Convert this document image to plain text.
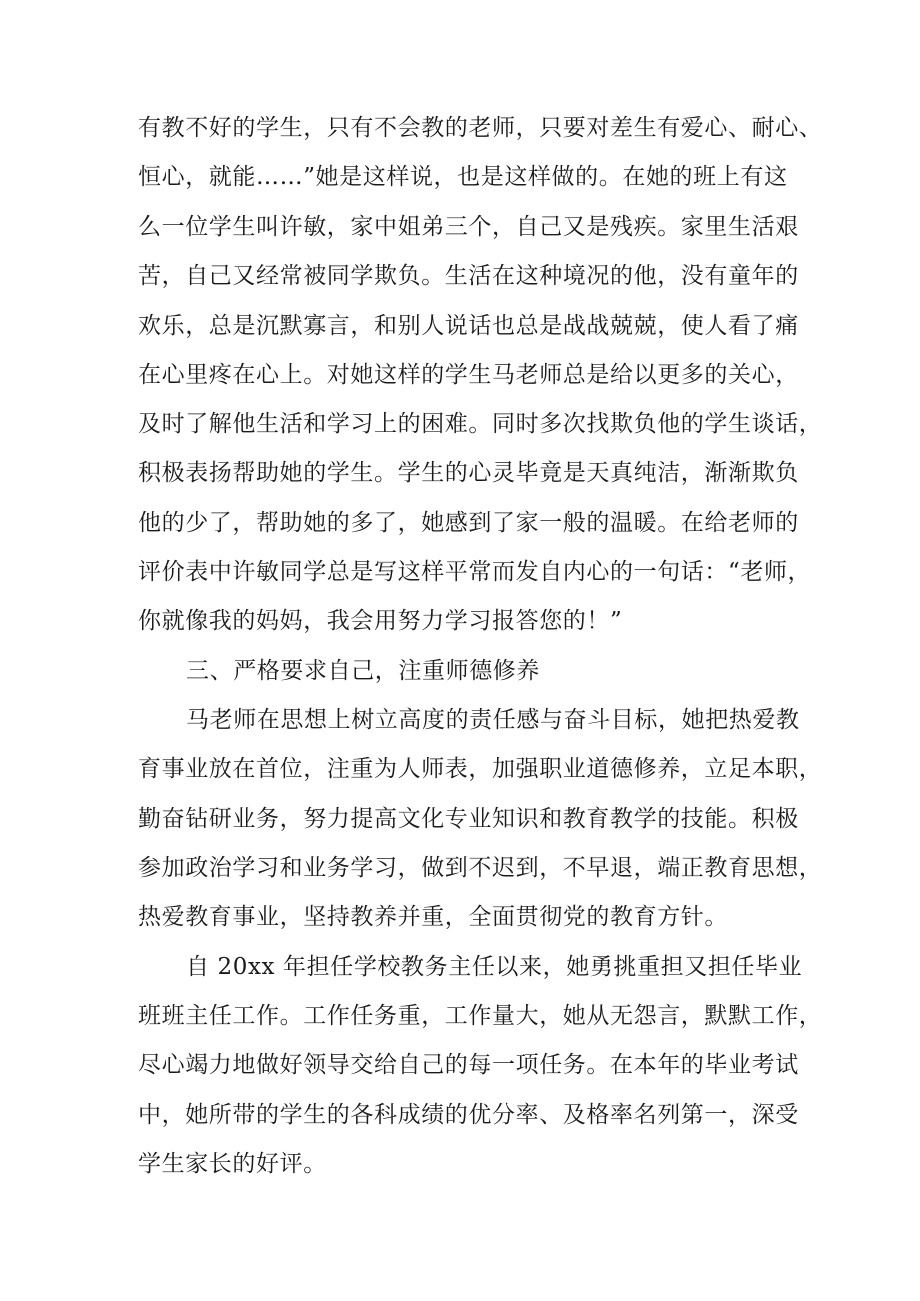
有教不好的学生，只有不会教的老师，只要对差生有爱心、耐心、
恒心，就能……”她是这样说，也是这样做的。在她的班上有这
么一位学生叫许敏，家中姐弟三个，自己又是残疾。家里生活艰
苦，自己又经常被同学欺负。生活在这种境况的他，没有童年的
欢乐，总是沉默寡言，和别人说话也总是战战兢兢，使人看了痛
在心里疼在心上。对她这样的学生马老师总是给以更多的关心，
及时了解他生活和学习上的困难。同时多次找欺负他的学生谈话，
积极表扬帮助她的学生。学生的心灵毕竟是天真纯洁，渐渐欺负
他的少了，帮助她的多了，她感到了家一般的温暖。在给老师的
评价表中许敏同学总是写这样平常而发自内心的一句话：“老师，
你就像我的妈妈，我会用努力学习报答您的！”
三、严格要求自己，注重师德修养
马老师在思想上树立高度的责任感与奋斗目标，她把热爱教
育事业放在首位，注重为人师表，加强职业道德修养，立足本职，
勤奋钻研业务，努力提高文化专业知识和教育教学的技能。积极
参加政治学习和业务学习，做到不迟到，不早退，端正教育思想，
热爱教育事业，坚持教养并重，全面贯彻党的教育方针。
自 20xx 年担任学校教务主任以来，她勇挑重担又担任毕业
班班主任工作。工作任务重，工作量大，她从无怨言，默默工作，
尽心竭力地做好领导交给自己的每一项任务。在本年的毕业考试
中，她所带的学生的各科成绩的优分率、及格率名列第一，深受
学生家长的好评。
